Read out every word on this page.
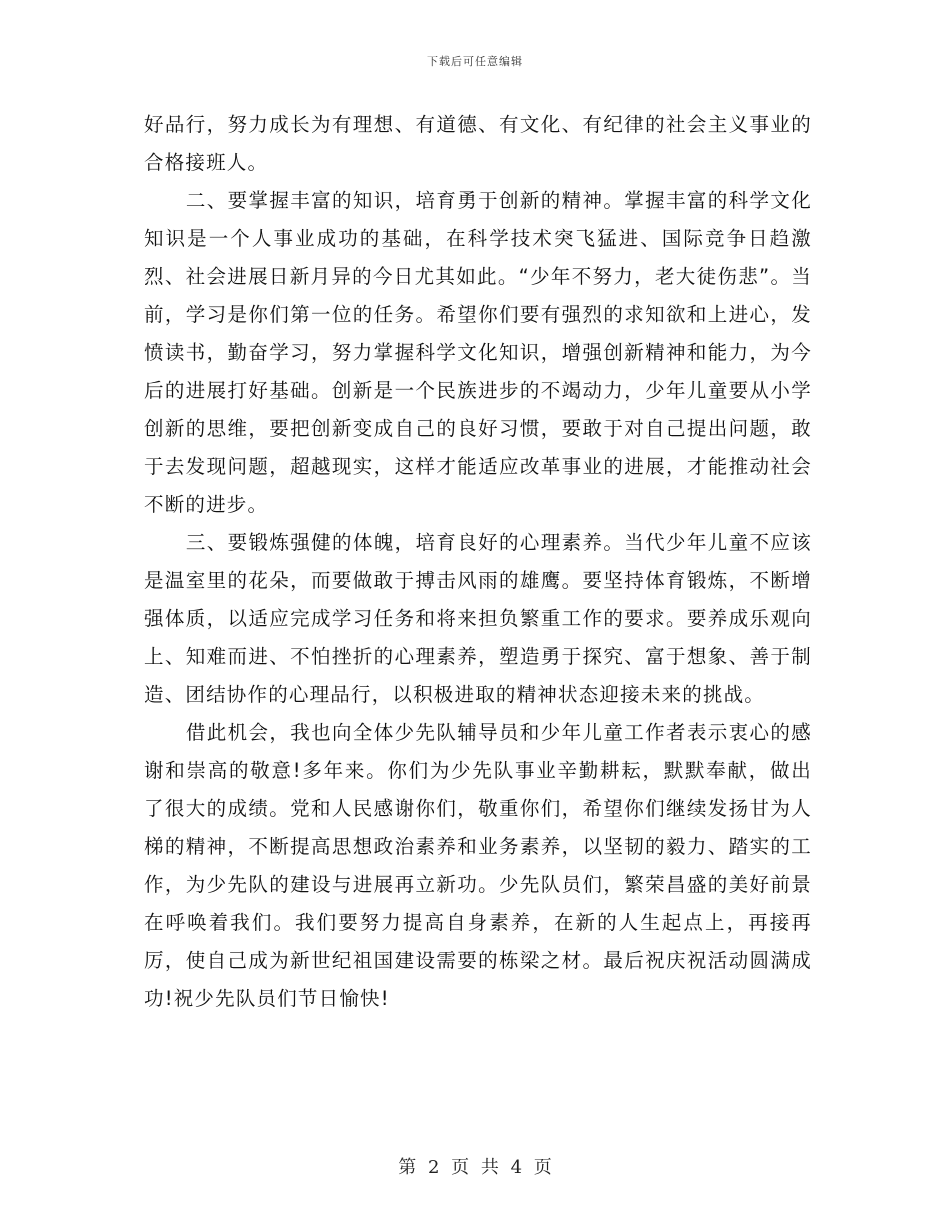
下载后可任意编辑

好品行，努力成长为有理想、有道德、有文化、有纪律的社会主义事业的合格接班人。

二、要掌握丰富的知识，培育勇于创新的精神。掌握丰富的科学文化知识是一个人事业成功的基础，在科学技术突飞猛进、国际竞争日趋激烈、社会进展日新月异的今日尤其如此。“少年不努力，老大徒伤悲”。当前，学习是你们第一位的任务。希望你们要有强烈的求知欲和上进心，发愤读书，勤奋学习，努力掌握科学文化知识，增强创新精神和能力，为今后的进展打好基础。创新是一个民族进步的不竭动力，少年儿童要从小学创新的思维，要把创新变成自己的良好习惯，要敢于对自己提出问题，敢于去发现问题，超越现实，这样才能适应改革事业的进展，才能推动社会不断的进步。

三、要锻炼强健的体魄，培育良好的心理素养。当代少年儿童不应该是温室里的花朵，而要做敢于搏击风雨的雄鹰。要坚持体育锻炼，不断增强体质，以适应完成学习任务和将来担负繁重工作的要求。要养成乐观向上、知难而进、不怕挫折的心理素养，塑造勇于探究、富于想象、善于制造、团结协作的心理品行，以积极进取的精神状态迎接未来的挑战。

借此机会，我也向全体少先队辅导员和少年儿童工作者表示衷心的感谢和崇高的敬意!多年来。你们为少先队事业辛勤耕耘，默默奉献，做出了很大的成绩。党和人民感谢你们，敬重你们，希望你们继续发扬甘为人梯的精神，不断提高思想政治素养和业务素养，以坚韧的毅力、踏实的工作，为少先队的建设与进展再立新功。少先队员们，繁荣昌盛的美好前景在呼唤着我们。我们要努力提高自身素养，在新的人生起点上，再接再厉，使自己成为新世纪祖国建设需要的栋梁之材。最后祝庆祝活动圆满成功!祝少先队员们节日愉快!

第 2 页 共 4 页
